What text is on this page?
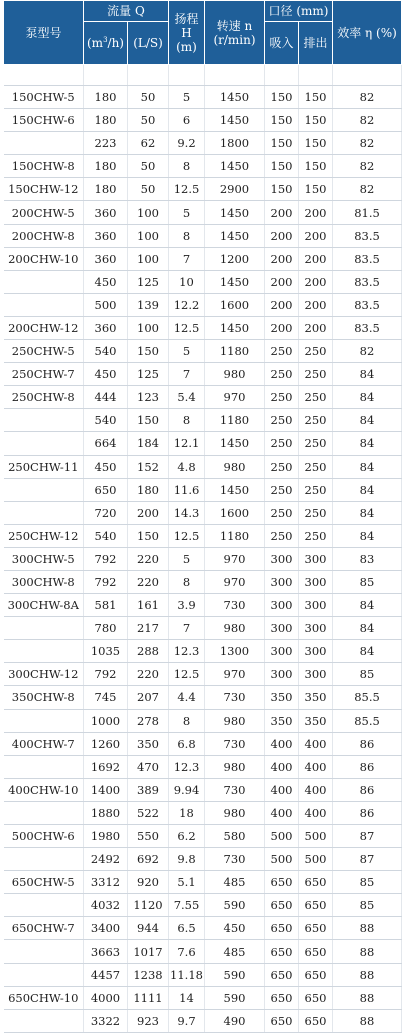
泵型号	流量 Q		扬程 H (m)	转速 n (r/min)	口径 (mm)		效率 η (%)
	$(m^3/h)$	(L/S)			吸入	排出	

150CHW-5	180	50	5	1450	150	150	82
150CHW-6	180	50	6	1450	150	150	82
	223	62	9.2	1800	150	150	82
150CHW-8	180	50	8	1450	150	150	82
150CHW-12	180	50	12.5	2900	150	150	82
200CHW-5	360	100	5	1450	200	200	81.5
200CHW-8	360	100	8	1450	200	200	83.5
200CHW-10	360	100	7	1200	200	200	83.5
	450	125	10	1450	200	200	83.5
	500	139	12.2	1600	200	200	83.5
200CHW-12	360	100	12.5	1450	200	200	83.5
250CHW-5	540	150	5	1180	250	250	82
250CHW-7	450	125	7	980	250	250	84
250CHW-8	444	123	5.4	970	250	250	84
	540	150	8	1180	250	250	84
	664	184	12.1	1450	250	250	84
250CHW-11	450	152	4.8	980	250	250	84
	650	180	11.6	1450	250	250	84
	720	200	14.3	1600	250	250	84
250CHW-12	540	150	12.5	1180	250	250	84
300CHW-5	792	220	5	970	300	300	83
300CHW-8	792	220	8	970	300	300	85
300CHW-8A	581	161	3.9	730	300	300	84
	780	217	7	980	300	300	84
	1035	288	12.3	1300	300	300	84
300CHW-12	792	220	12.5	970	300	300	85
350CHW-8	745	207	4.4	730	350	350	85.5
	1000	278	8	980	350	350	85.5
400CHW-7	1260	350	6.8	730	400	400	86
	1692	470	12.3	980	400	400	86
400CHW-10	1400	389	9.94	730	400	400	86
	1880	522	18	980	400	400	86
500CHW-6	1980	550	6.2	580	500	500	87
	2492	692	9.8	730	500	500	87
650CHW-5	3312	920	5.1	485	650	650	85
	4032	1120	7.55	590	650	650	85
650CHW-7	3400	944	6.5	450	650	650	88
	3663	1017	7.6	485	650	650	88
	4457	1238	11.18	590	650	650	88
650CHW-10	4000	1111	14	590	650	650	88
	3322	923	9.7	490	650	650	88
